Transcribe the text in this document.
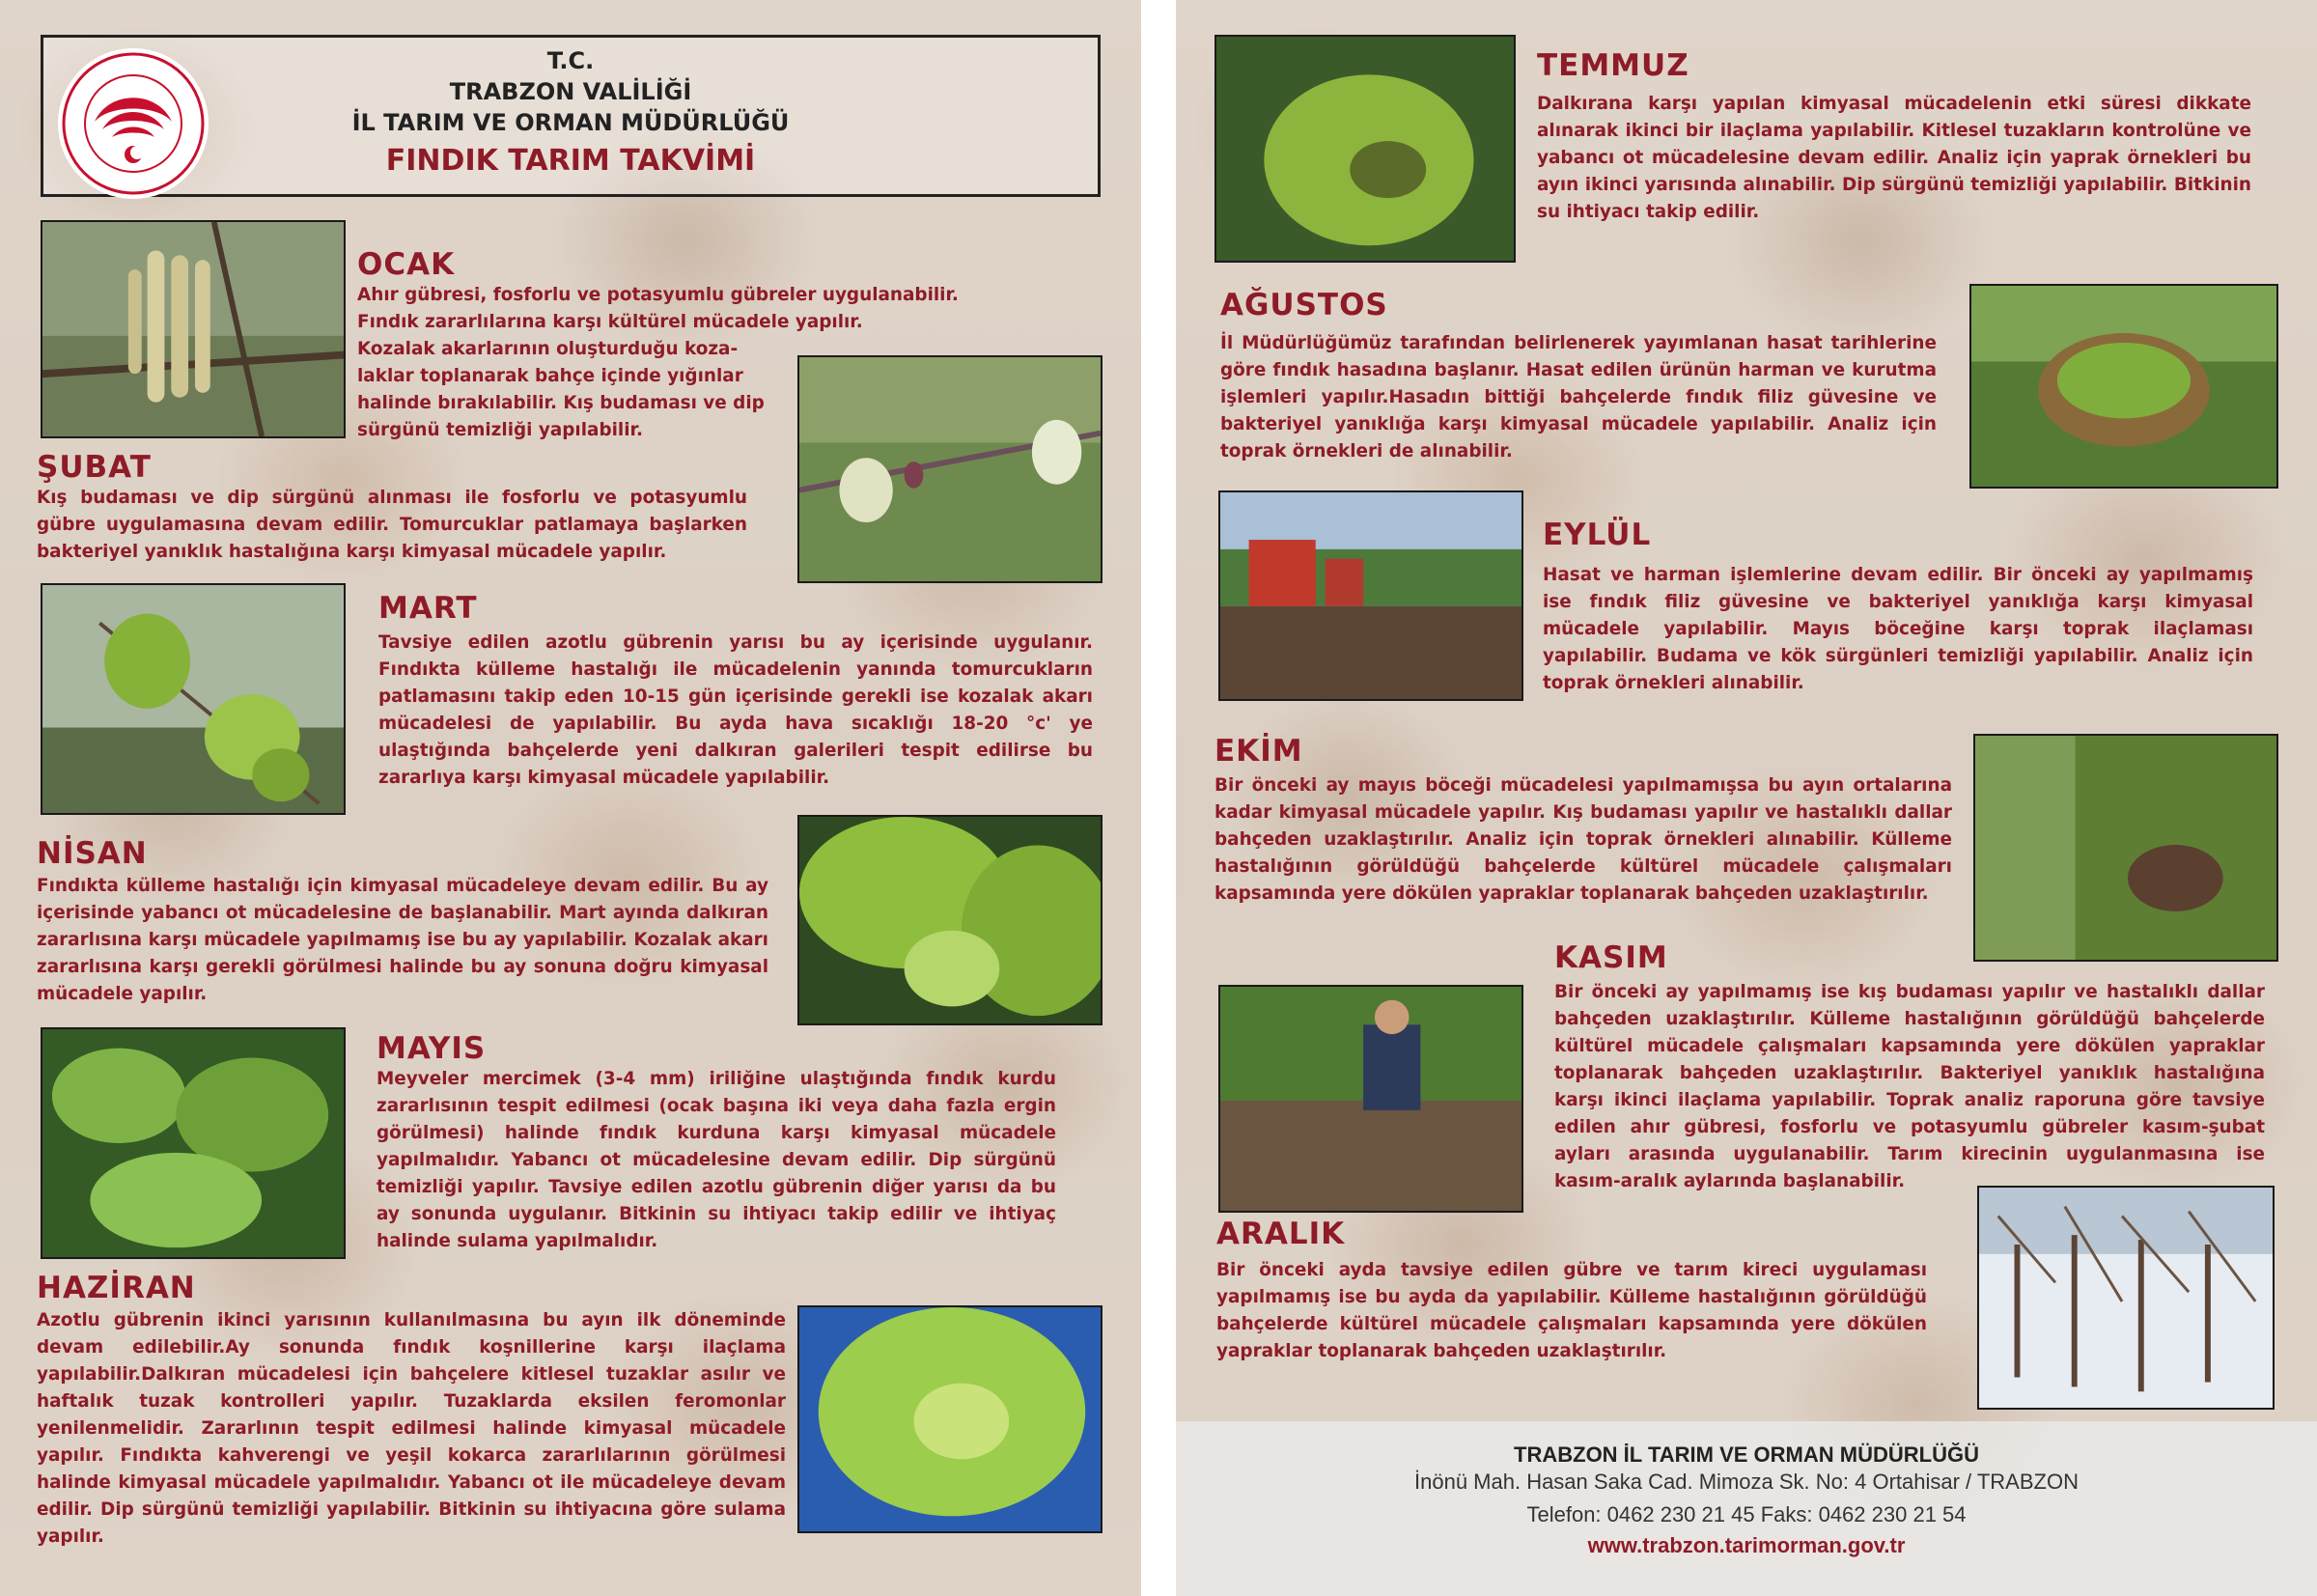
T.C.

TRABZON VALİLİĞİ

İL TARIM VE ORMAN MÜDÜRLÜĞÜ

FINDIK TARIM TAKVİMİ

OCAK

Ahır gübresi, fosforlu ve potasyumlu gübreler uygulanabilir.

Fındık zararlılarına karşı kültürel mücadele yapılır.

Kozalak akarlarının oluşturduğu koza-

laklar toplanarak bahçe içinde yığınlar

halinde bırakılabilir. Kış budaması ve dip

sürgünü temizliği yapılabilir.

ŞUBAT

Kış budaması ve dip sürgünü alınması ile fosforlu ve potasyumlu gübre uygulamasına devam edilir. Tomurcuklar patlamaya başlarken bakteriyel yanıklık hastalığına karşı kimyasal mücadele yapılır.

MART

Tavsiye edilen azotlu gübrenin yarısı bu ay içerisinde uygulanır. Fındıkta külleme hastalığı ile mücadelenin yanında tomurcukların patlamasını takip eden 10-15 gün içerisinde gerekli ise kozalak akarı mücadelesi de yapılabilir. Bu ayda hava sıcaklığı 18-20 °c' ye ulaştığında bahçelerde yeni dalkıran galerileri tespit edilirse bu zararlıya karşı kimyasal mücadele yapılabilir.

NİSAN

Fındıkta külleme hastalığı için kimyasal mücadeleye devam edilir. Bu ay içerisinde yabancı ot mücadelesine de başlanabilir. Mart ayında dalkıran zararlısına karşı mücadele yapılmamış ise bu ay yapılabilir. Kozalak akarı zararlısına karşı gerekli görülmesi halinde bu ay sonuna doğru kimyasal mücadele yapılır.

MAYIS

Meyveler mercimek (3-4 mm) iriliğine ulaştığında fındık kurdu zararlısının tespit edilmesi (ocak başına iki veya daha fazla ergin görülmesi) halinde fındık kurduna karşı kimyasal mücadele yapılmalıdır. Yabancı ot mücadelesine devam edilir. Dip sürgünü temizliği yapılır. Tavsiye edilen azotlu gübrenin diğer yarısı da bu ay sonunda uygulanır. Bitkinin su ihtiyacı takip edilir ve ihtiyaç halinde sulama yapılmalıdır.

HAZİRAN

Azotlu gübrenin ikinci yarısının kullanılmasına bu ayın ilk döneminde devam edilebilir.Ay sonunda fındık koşnillerine karşı ilaçlama yapılabilir.Dalkıran mücadelesi için bahçelere kitlesel tuzaklar asılır ve haftalık tuzak kontrolleri yapılır. Tuzaklarda eksilen feromonlar yenilenmelidir. Zararlının tespit edilmesi halinde kimyasal mücadele yapılır. Fındıkta kahverengi ve yeşil kokarca zararlılarının görülmesi halinde kimyasal mücadele yapılmalıdır. Yabancı ot ile mücadeleye devam edilir. Dip sürgünü temizliği yapılabilir. Bitkinin su ihtiyacına göre sulama yapılır.

TEMMUZ

Dalkırana karşı yapılan kimyasal mücadelenin etki süresi dikkate alınarak ikinci bir ilaçlama yapılabilir. Kitlesel tuzakların kontrolüne ve yabancı ot mücadelesine devam edilir. Analiz için yaprak örnekleri bu ayın ikinci yarısında alınabilir. Dip sürgünü temizliği yapılabilir. Bitkinin su ihtiyacı takip edilir.

AĞUSTOS

İl Müdürlüğümüz tarafından belirlenerek yayımlanan hasat tarihlerine göre fındık hasadına başlanır. Hasat edilen ürünün harman ve kurutma işlemleri yapılır.Hasadın bittiği bahçelerde fındık filiz güvesine ve bakteriyel yanıklığa karşı kimyasal mücadele yapılabilir. Analiz için toprak örnekleri de alınabilir.

EYLÜL

Hasat ve harman işlemlerine devam edilir. Bir önceki ay yapılmamış ise fındık filiz güvesine ve bakteriyel yanıklığa karşı kimyasal mücadele yapılabilir. Mayıs böceğine karşı toprak ilaçlaması yapılabilir. Budama ve kök sürgünleri temizliği yapılabilir. Analiz için toprak örnekleri alınabilir.

EKİM

Bir önceki ay mayıs böceği mücadelesi yapılmamışsa bu ayın ortalarına kadar kimyasal mücadele yapılır. Kış budaması yapılır ve hastalıklı dallar bahçeden uzaklaştırılır. Analiz için toprak örnekleri alınabilir. Külleme hastalığının görüldüğü bahçelerde kültürel mücadele çalışmaları kapsamında yere dökülen yapraklar toplanarak bahçeden uzaklaştırılır.

KASIM

Bir önceki ay yapılmamış ise kış budaması yapılır ve hastalıklı dallar bahçeden uzaklaştırılır. Külleme hastalığının görüldüğü bahçelerde kültürel mücadele çalışmaları kapsamında yere dökülen yapraklar toplanarak bahçeden uzaklaştırılır. Bakteriyel yanıklık hastalığına karşı ikinci ilaçlama yapılabilir. Toprak analiz raporuna göre tavsiye edilen ahır gübresi, fosforlu ve potasyumlu gübreler kasım-şubat ayları arasında uygulanabilir. Tarım kirecinin uygulanmasına ise kasım-aralık aylarında başlanabilir.

ARALIK

Bir önceki ayda tavsiye edilen gübre ve tarım kireci uygulaması yapılmamış ise bu ayda da yapılabilir. Külleme hastalığının görüldüğü bahçelerde kültürel mücadele çalışmaları kapsamında yere dökülen yapraklar toplanarak bahçeden uzaklaştırılır.

TRABZON İL TARIM VE ORMAN MÜDÜRLÜĞÜ

İnönü Mah. Hasan Saka Cad. Mimoza Sk. No: 4 Ortahisar / TRABZON

Telefon: 0462 230 21 45 Faks: 0462 230 21 54

www.trabzon.tarimorman.gov.tr
